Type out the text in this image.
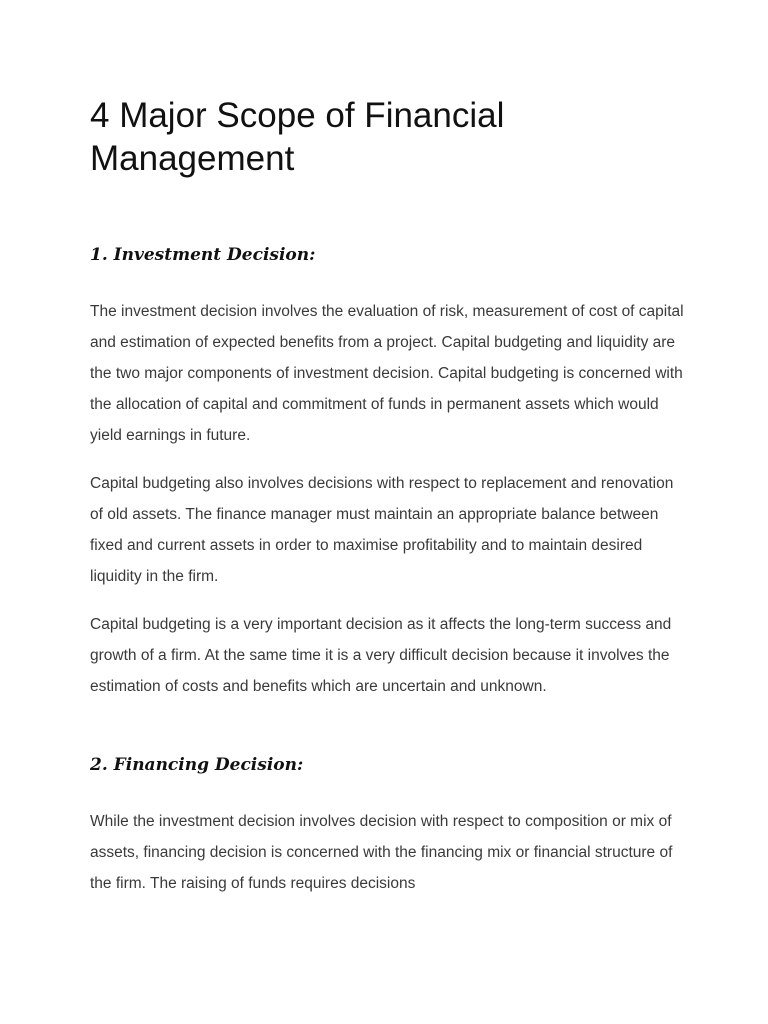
4 Major Scope of Financial Management
1. Investment Decision:

The investment decision involves the evaluation of risk, measurement of cost of capital and estimation of expected benefits from a project. Capital budgeting and liquidity are the two major components of investment decision. Capital budgeting is concerned with the allocation of capital and commitment of funds in permanent assets which would yield earnings in future.

Capital budgeting also involves decisions with respect to replacement and renovation of old assets. The finance manager must maintain an appropriate balance between fixed and current assets in order to maximise profitability and to maintain desired liquidity in the firm.

Capital budgeting is a very important decision as it affects the long-term success and growth of a firm. At the same time it is a very difficult decision because it involves the estimation of costs and benefits which are uncertain and unknown.

2. Financing Decision:

While the investment decision involves decision with respect to composition or mix of assets, financing decision is concerned with the financing mix or financial structure of the firm. The raising of funds requires decisions
